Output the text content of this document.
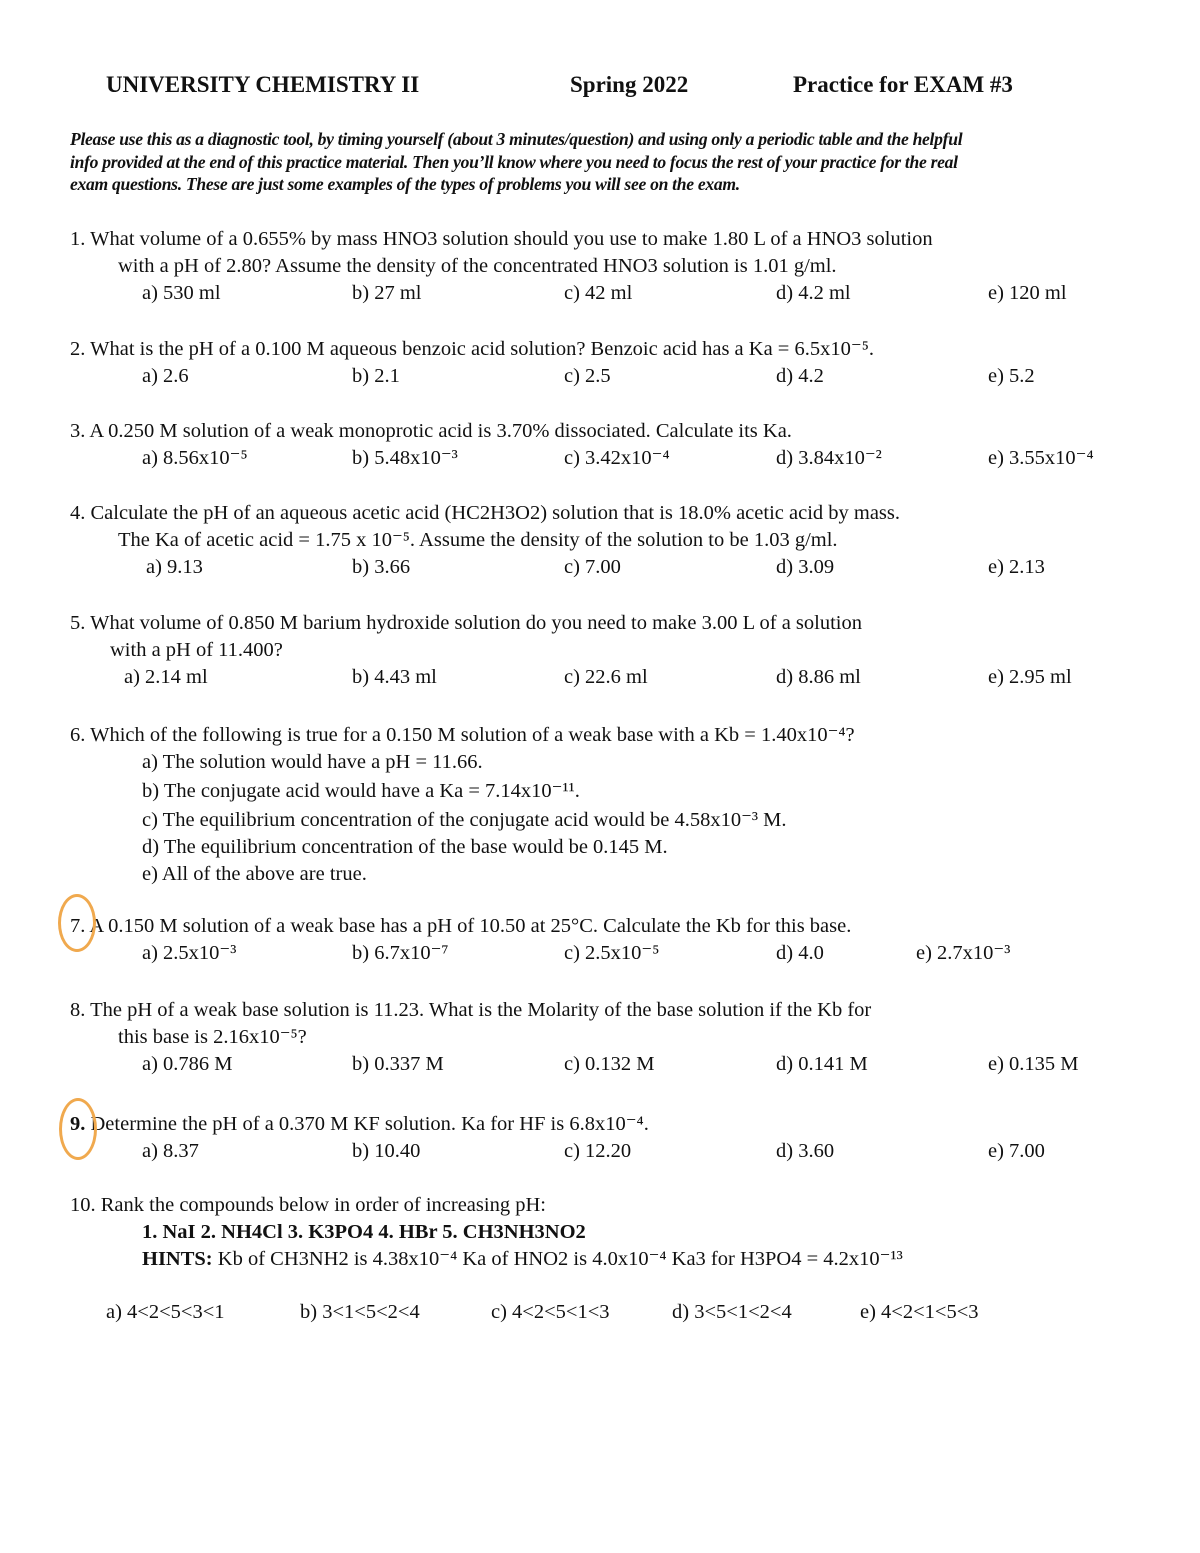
UNIVERSITY CHEMISTRY II	Spring 2022	Practice for EXAM #3
Please use this as a diagnostic tool, by timing yourself (about 3 minutes/question) and using only a periodic table and the helpful
info provided at the end of this practice material. Then you’ll know where you need to focus the rest of your practice for the real
exam questions. These are just some examples of the types of problems you will see on the exam.
1. What volume of a 0.655% by mass HNO3 solution should you use to make 1.80 L of a HNO3 solution
with a pH of 2.80? Assume the density of the concentrated HNO3 solution is 1.01 g/ml.
a) 530 ml	b) 27 ml	c) 42 ml	d) 4.2 ml	e) 120 ml
2. What is the pH of a 0.100 M aqueous benzoic acid solution? Benzoic acid has a Ka = 6.5x10⁻⁵.
a) 2.6	b) 2.1	c) 2.5	d) 4.2	e) 5.2
3. A 0.250 M solution of a weak monoprotic acid is 3.70% dissociated. Calculate its Ka.
a) 8.56x10⁻⁵	b) 5.48x10⁻³	c) 3.42x10⁻⁴	d) 3.84x10⁻²	e) 3.55x10⁻⁴
4. Calculate the pH of an aqueous acetic acid (HC2H3O2) solution that is 18.0% acetic acid by mass.
The Ka of acetic acid = 1.75 x 10⁻⁵. Assume the density of the solution to be 1.03 g/ml.
a) 9.13	b) 3.66	c) 7.00	d) 3.09	e) 2.13
5. What volume of 0.850 M barium hydroxide solution do you need to make 3.00 L of a solution
with a pH of 11.400?
a) 2.14 ml	b) 4.43 ml	c) 22.6 ml	d) 8.86 ml	e) 2.95 ml
6. Which of the following is true for a 0.150 M solution of a weak base with a Kb = 1.40x10⁻⁴?
a) The solution would have a pH = 11.66.
b) The conjugate acid would have a Ka = 7.14x10⁻¹¹.
c) The equilibrium concentration of the conjugate acid would be 4.58x10⁻³ M.
d) The equilibrium concentration of the base would be 0.145 M.
e) All of the above are true.
7. A 0.150 M solution of a weak base has a pH of 10.50 at 25°C. Calculate the Kb for this base.
a) 2.5x10⁻³	b) 6.7x10⁻⁷	c) 2.5x10⁻⁵	d) 4.0	e) 2.7x10⁻³
8. The pH of a weak base solution is 11.23. What is the Molarity of the base solution if the Kb for
this base is 2.16x10⁻⁵?
a) 0.786 M	b) 0.337 M	c) 0.132 M	d) 0.141 M	e) 0.135 M
9. Determine the pH of a 0.370 M KF solution. Ka for HF is 6.8x10⁻⁴.
a) 8.37	b) 10.40	c) 12.20	d) 3.60	e) 7.00
10. Rank the compounds below in order of increasing pH:
1. NaI 2. NH4Cl 3. K3PO4 4. HBr 5. CH3NH3NO2
HINTS: Kb of CH3NH2 is 4.38x10⁻⁴ Ka of HNO2 is 4.0x10⁻⁴ Ka3 for H3PO4 = 4.2x10⁻¹³
a) 4<2<5<3<1	b) 3<1<5<2<4	c) 4<2<5<1<3	d) 3<5<1<2<4	e) 4<2<1<5<3
